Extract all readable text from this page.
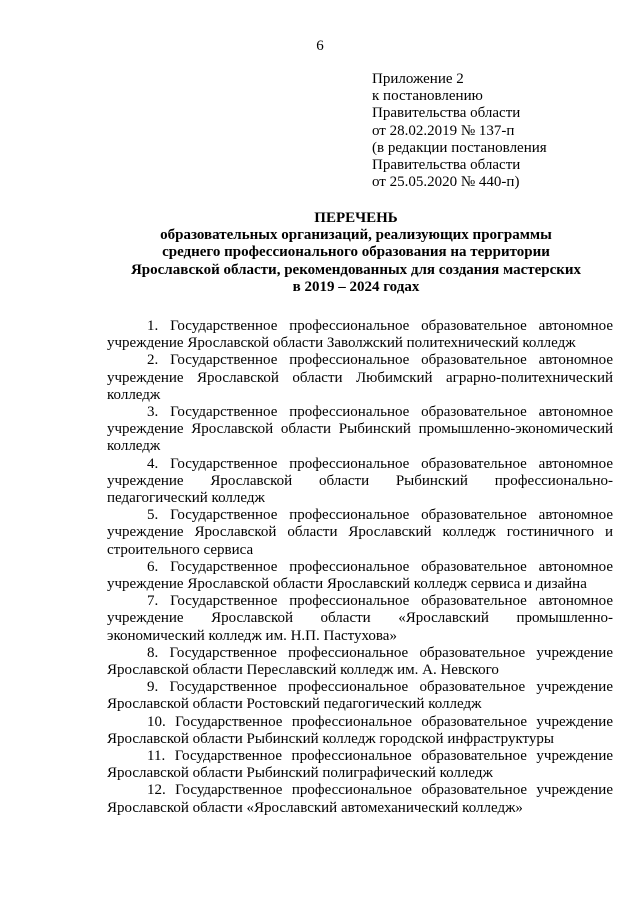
6
Приложение 2
к постановлению
Правительства области
от 28.02.2019 № 137-п
(в редакции постановления
Правительства области
от 25.05.2020 № 440-п)
ПЕРЕЧЕНЬ
образовательных организаций, реализующих программы
среднего профессионального образования на территории
Ярославской области, рекомендованных для создания мастерских
в 2019 – 2024 годах

1. Государственное профессиональное образовательное автономное учреждение Ярославской области Заволжский политехнический колледж

2. Государственное профессиональное образовательное автономное учреждение Ярославской области Любимский аграрно-политехнический колледж

3. Государственное профессиональное образовательное автономное учреждение Ярославской области Рыбинский промышленно-экономический колледж

4. Государственное профессиональное образовательное автономное учреждение Ярославской области Рыбинский профессионально-педагогический колледж

5. Государственное профессиональное образовательное автономное учреждение Ярославской области Ярославский колледж гостиничного и строительного сервиса

6. Государственное профессиональное образовательное автономное учреждение Ярославской области Ярославский колледж сервиса и дизайна

7. Государственное профессиональное образовательное автономное учреждение Ярославской области «Ярославский промышленно-экономический колледж им. Н.П. Пастухова»

8. Государственное профессиональное образовательное учреждение Ярославской области Переславский колледж им. А. Невского

9. Государственное профессиональное образовательное учреждение Ярославской области Ростовский педагогический колледж

10. Государственное профессиональное образовательное учреждение Ярославской области Рыбинский колледж городской инфраструктуры

11. Государственное профессиональное образовательное учреждение Ярославской области Рыбинский полиграфический колледж

12. Государственное профессиональное образовательное учреждение Ярославской области «Ярославский автомеханический колледж»
